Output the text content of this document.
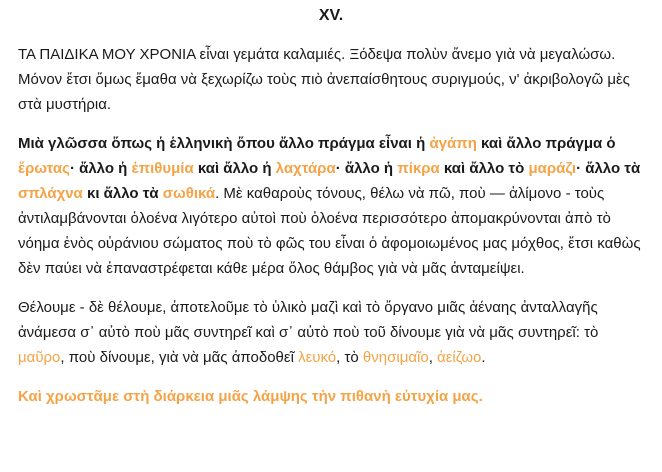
XV.

ΤΑ ΠΑΙΔΙΚΑ ΜΟΥ ΧΡΟΝΙΑ εἶναι γεμάτα καλαμιές. Ξόδεψα πολὺν ἄνεμο γιὰ νὰ μεγαλώσω. Μόνον ἔτσι ὅμως ἔμαθα νὰ ξεχωρίζω τοὺς πιὸ ἀνεπαίσθητους συριγμούς, ν' ἀκριβολογῶ μὲς στὰ μυστήρια.

Μιὰ γλῶσσα ὅπως ἡ ἑλληνικὴ ὅπου ἄλλο πράγμα εἶναι ἡ ἀγάπη καὶ ἄλλο πράγμα ὁ ἔρωτας· ἄλλο ἡ ἐπιθυμία καὶ ἄλλο ἡ λαχτάρα· ἄλλο ἡ πίκρα καὶ ἄλλο τὸ μαράζι· ἄλλο τὰ σπλάχνα κι ἄλλο τὰ σωθικά. Μὲ καθαροὺς τόνους, θέλω νὰ πῶ, ποὺ — ἀλίμονο - τοὺς ἀντιλαμβάνονται ὁλοένα λιγότερο αὐτοὶ ποὺ ὁλοένα περισσότερο ἀπομακρύνονται ἀπὸ τὸ νόημα ἑνὸς οὐράνιου σώματος ποὺ τὸ φῶς του εἶναι ὁ ἀφομοιωμένος μας μόχθος, ἔτσι καθὼς δὲν παύει νὰ ἐπαναστρέφεται κάθε μέρα ὅλος θάμβος γιὰ νὰ μᾶς ἀνταμείψει.

Θέλουμε - δὲ θέλουμε, ἀποτελοῦμε τὸ ὑλικὸ μαζὶ καὶ τὸ ὄργανο μιᾶς ἀέναης ἀνταλλαγῆς ἀνάμεσα σ᾽ αὐτὸ ποὺ μᾶς συντηρεῖ καὶ σ᾽ αὐτὸ ποὺ τοῦ δίνουμε γιὰ νὰ μᾶς συντηρεῖ: τὸ μαῦρο, ποὺ δίνουμε, γιὰ νὰ μᾶς ἀποδοθεῖ λευκό, τὸ θνησιμαῖο, ἀείζωο.

Καὶ χρωστᾶμε στὴ διάρκεια μιᾶς λάμψης τὴν πιθανὴ εὐτυχία μας.
